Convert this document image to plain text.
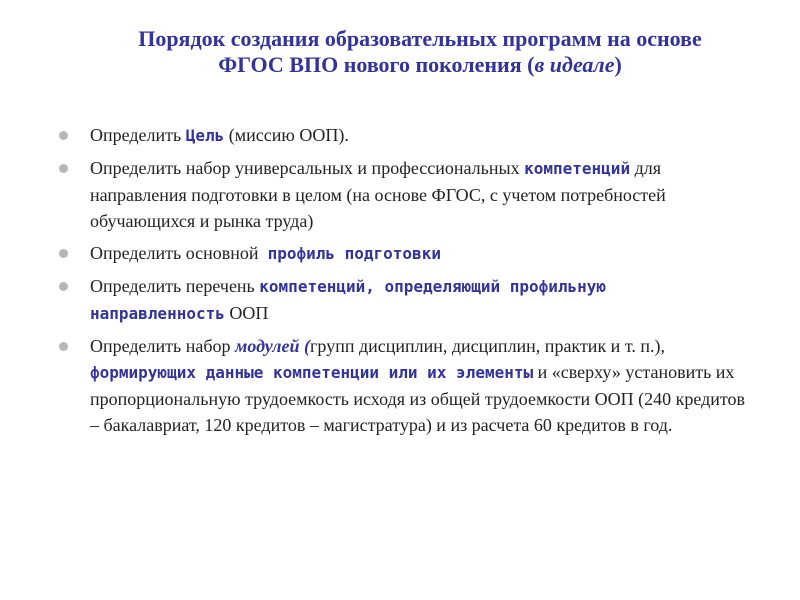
Порядок создания образовательных программ на основе
ФГОС ВПО нового поколения (в идеале)
Определить Цель (миссию ООП).
Определить набор универсальных и профессиональных компетенций для направления подготовки в целом (на основе ФГОС, с учетом потребностей обучающихся и рынка труда)
Определить основной  профиль подготовки
Определить перечень компетенций, определяющий профильную направленность ООП
Определить набор модулей (групп дисциплин, дисциплин, практик и т. п.), формирующих данные компетенции или их элементы и «сверху» установить их пропорциональную трудоемкость исходя из общей трудоемкости ООП (240 кредитов – бакалавриат, 120 кредитов – магистратура) и из расчета 60 кредитов в год.
